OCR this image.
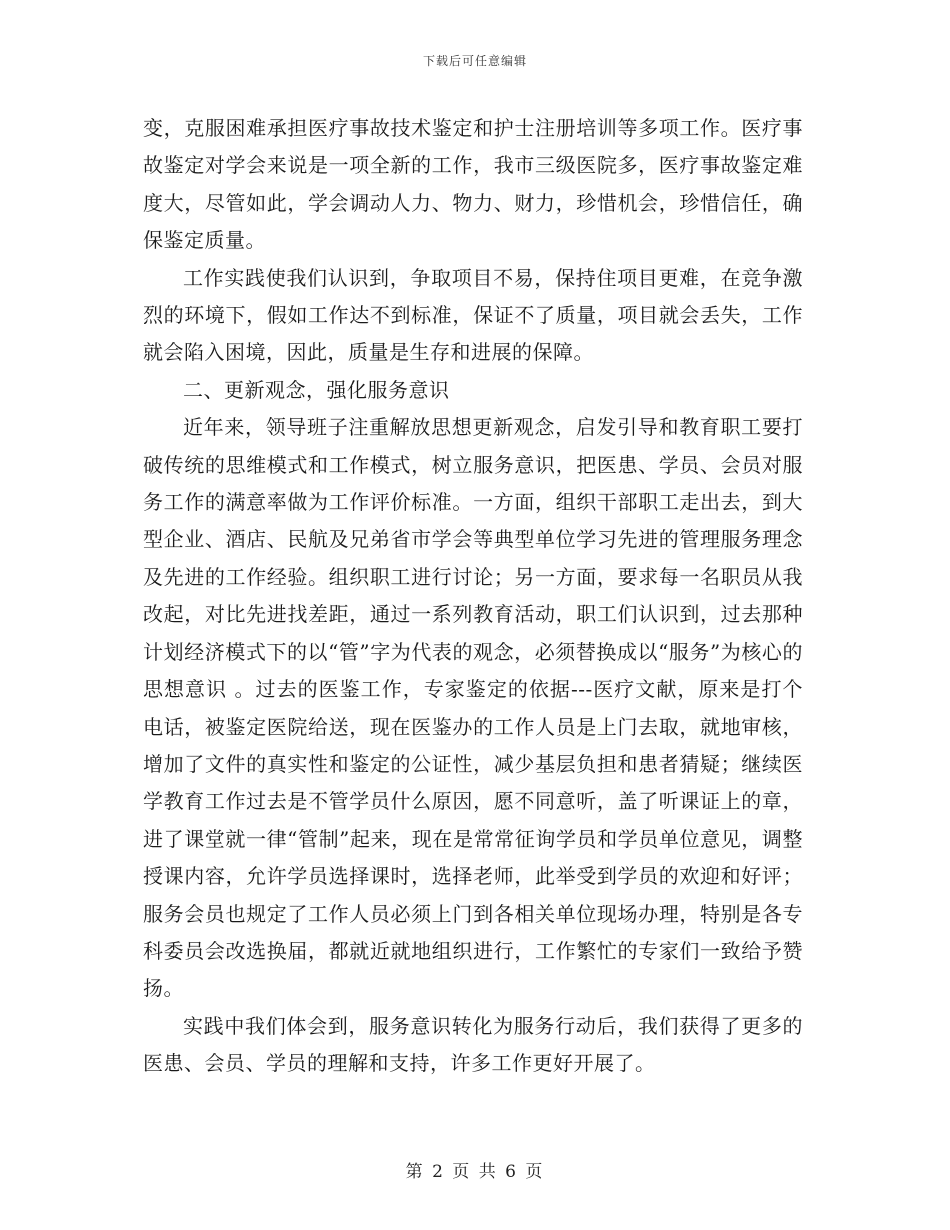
下载后可任意编辑

变，克服困难承担医疗事故技术鉴定和护士注册培训等多项工作。医疗事故鉴定对学会来说是一项全新的工作，我市三级医院多，医疗事故鉴定难度大，尽管如此，学会调动人力、物力、财力，珍惜机会，珍惜信任，确保鉴定质量。

工作实践使我们认识到，争取项目不易，保持住项目更难，在竞争激烈的环境下，假如工作达不到标准，保证不了质量，项目就会丢失，工作就会陷入困境，因此，质量是生存和进展的保障。

二、更新观念，强化服务意识

近年来，领导班子注重解放思想更新观念，启发引导和教育职工要打破传统的思维模式和工作模式，树立服务意识，把医患、学员、会员对服务工作的满意率做为工作评价标准。一方面，组织干部职工走出去，到大型企业、酒店、民航及兄弟省市学会等典型单位学习先进的管理服务理念及先进的工作经验。组织职工进行讨论；另一方面，要求每一名职员从我改起，对比先进找差距，通过一系列教育活动，职工们认识到，过去那种计划经济模式下的以“管”字为代表的观念，必须替换成以“服务”为核心的思想意识 。过去的医鉴工作，专家鉴定的依据---医疗文献，原来是打个电话，被鉴定医院给送，现在医鉴办的工作人员是上门去取，就地审核，增加了文件的真实性和鉴定的公证性，减少基层负担和患者猜疑；继续医学教育工作过去是不管学员什么原因，愿不同意听，盖了听课证上的章，进了课堂就一律“管制”起来，现在是常常征询学员和学员单位意见，调整授课内容，允许学员选择课时，选择老师，此举受到学员的欢迎和好评；服务会员也规定了工作人员必须上门到各相关单位现场办理，特别是各专科委员会改选换届，都就近就地组织进行，工作繁忙的专家们一致给予赞扬。

实践中我们体会到，服务意识转化为服务行动后，我们获得了更多的医患、会员、学员的理解和支持，许多工作更好开展了。

第 2 页 共 6 页
